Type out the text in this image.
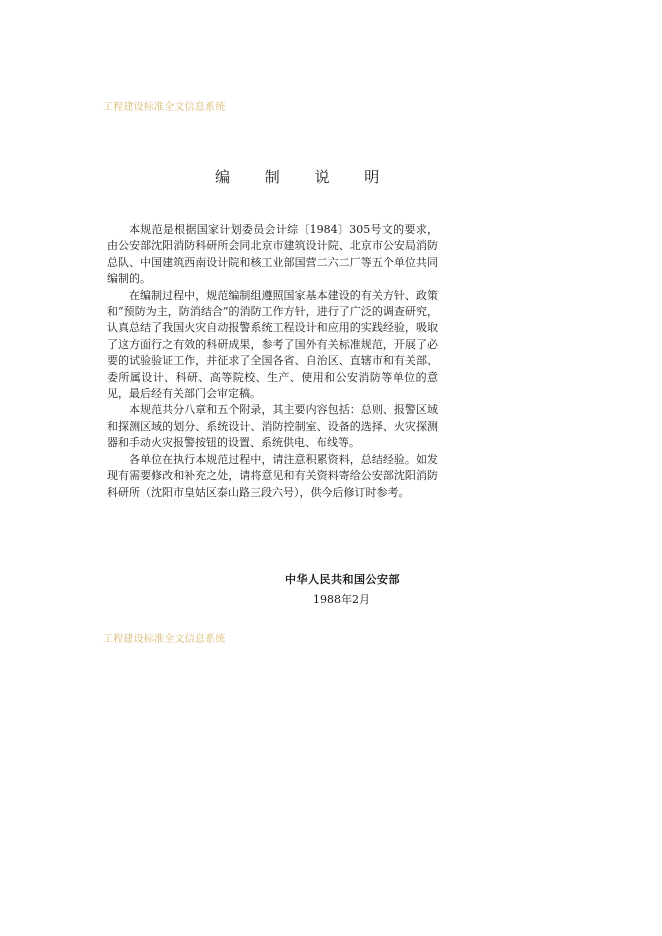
工程建设标准全文信息系统
编 制 说 明

本规范是根据国家计划委员会计综〔1984〕305号文的要求，由公安部沈阳消防科研所会同北京市建筑设计院、北京市公安局消防总队、中国建筑西南设计院和核工业部国营二六二厂等五个单位共同编制的。

在编制过程中，规范编制组遵照国家基本建设的有关方针、政策和“预防为主，防消结合”的消防工作方针，进行了广泛的调查研究，认真总结了我国火灾自动报警系统工程设计和应用的实践经验，吸取了这方面行之有效的科研成果，参考了国外有关标准规范，开展了必要的试验验证工作，并征求了全国各省、自治区、直辖市和有关部、委所属设计、科研、高等院校、生产、使用和公安消防等单位的意见，最后经有关部门会审定稿。

本规范共分八章和五个附录，其主要内容包括：总则、报警区域和探测区域的划分、系统设计、消防控制室、设备的选择、火灾探测器和手动火灾报警按钮的设置、系统供电、布线等。

各单位在执行本规范过程中，请注意积累资料，总结经验。如发现有需要修改和补充之处，请将意见和有关资料寄给公安部沈阳消防科研所（沈阳市皇姑区泰山路三段六号），供今后修订时参考。

中华人民共和国公安部
1988年2月
工程建设标准全文信息系统
